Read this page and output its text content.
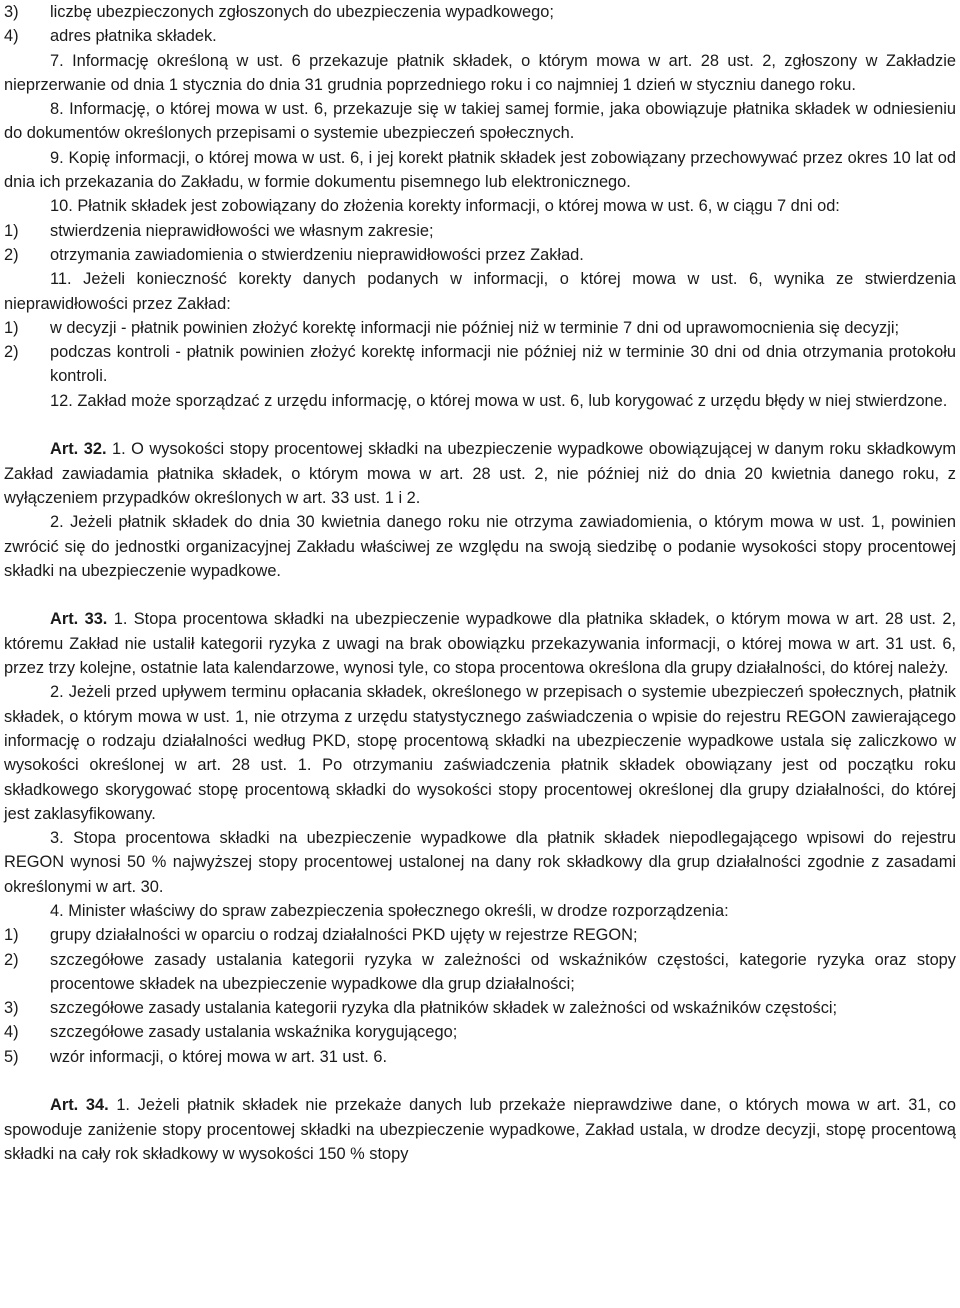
3)	liczbę ubezpieczonych zgłoszonych do ubezpieczenia wypadkowego;
4)	adres płatnika składek.

7. Informację określoną w ust. 6 przekazuje płatnik składek, o którym mowa w art. 28 ust. 2, zgłoszony w Zakładzie nieprzerwanie od dnia 1 stycznia do dnia 31 grudnia poprzedniego roku i co najmniej 1 dzień w styczniu danego roku.

8. Informację, o której mowa w ust. 6, przekazuje się w takiej samej formie, jaka obowiązuje płatnika składek w odniesieniu do dokumentów określonych przepisami o systemie ubezpieczeń społecznych.

9. Kopię informacji, o której mowa w ust. 6, i jej korekt płatnik składek jest zobowiązany przechowywać przez okres 10 lat od dnia ich przekazania do Zakładu, w formie dokumentu pisemnego lub elektronicznego.

10. Płatnik składek jest zobowiązany do złożenia korekty informacji, o której mowa w ust. 6, w ciągu 7 dni od:

1)	stwierdzenia nieprawidłowości we własnym zakresie;
2)	otrzymania zawiadomienia o stwierdzeniu nieprawidłowości przez Zakład.

11. Jeżeli konieczność korekty danych podanych w informacji, o której mowa w ust. 6, wynika ze stwierdzenia nieprawidłowości przez Zakład:

1)	w decyzji - płatnik powinien złożyć korektę informacji nie później niż w terminie 7 dni od uprawomocnienia się decyzji;
2)	podczas kontroli - płatnik powinien złożyć korektę informacji nie później niż w terminie 30 dni od dnia otrzymania protokołu kontroli.

12. Zakład może sporządzać z urzędu informację, o której mowa w ust. 6, lub korygować z urzędu błędy w niej stwierdzone.

Art. 32. 1. O wysokości stopy procentowej składki na ubezpieczenie wypadkowe obowiązującej w danym roku składkowym Zakład zawiadamia płatnika składek, o którym mowa w art. 28 ust. 2, nie później niż do dnia 20 kwietnia danego roku, z wyłączeniem przypadków określonych w art. 33 ust. 1 i 2.

2. Jeżeli płatnik składek do dnia 30 kwietnia danego roku nie otrzyma zawiadomienia, o którym mowa w ust. 1, powinien zwrócić się do jednostki organizacyjnej Zakładu właściwej ze względu na swoją siedzibę o podanie wysokości stopy procentowej składki na ubezpieczenie wypadkowe.

Art. 33. 1. Stopa procentowa składki na ubezpieczenie wypadkowe dla płatnika składek, o którym mowa w art. 28 ust. 2, któremu Zakład nie ustalił kategorii ryzyka z uwagi na brak obowiązku przekazywania informacji, o której mowa w art. 31 ust. 6, przez trzy kolejne, ostatnie lata kalendarzowe, wynosi tyle, co stopa procentowa określona dla grupy działalności, do której należy.

2. Jeżeli przed upływem terminu opłacania składek, określonego w przepisach o systemie ubezpieczeń społecznych, płatnik składek, o którym mowa w ust. 1, nie otrzyma z urzędu statystycznego zaświadczenia o wpisie do rejestru REGON zawierającego informację o rodzaju działalności według PKD, stopę procentową składki na ubezpieczenie wypadkowe ustala się zaliczkowo w wysokości określonej w art. 28 ust. 1. Po otrzymaniu zaświadczenia płatnik składek obowiązany jest od początku roku składkowego skorygować stopę procentową składki do wysokości stopy procentowej określonej dla grupy działalności, do której jest zaklasyfikowany.

3. Stopa procentowa składki na ubezpieczenie wypadkowe dla płatnik składek niepodlegającego wpisowi do rejestru REGON wynosi 50 % najwyższej stopy procentowej ustalonej na dany rok składkowy dla grup działalności zgodnie z zasadami określonymi w art. 30.

4. Minister właściwy do spraw zabezpieczenia społecznego określi, w drodze rozporządzenia:

1)	grupy działalności w oparciu o rodzaj działalności PKD ujęty w rejestrze REGON;
2)	szczegółowe zasady ustalania kategorii ryzyka w zależności od wskaźników częstości, kategorie ryzyka oraz stopy procentowe składek na ubezpieczenie wypadkowe dla grup działalności;
3)	szczegółowe zasady ustalania kategorii ryzyka dla płatników składek w zależności od wskaźników częstości;
4)	szczegółowe zasady ustalania wskaźnika korygującego;
5)	wzór informacji, o której mowa w art. 31 ust. 6.

Art. 34. 1. Jeżeli płatnik składek nie przekaże danych lub przekaże nieprawdziwe dane, o których mowa w art. 31, co spowoduje zaniżenie stopy procentowej składki na ubezpieczenie wypadkowe, Zakład ustala, w drodze decyzji, stopę procentową składki na cały rok składkowy w wysokości 150 % stopy
